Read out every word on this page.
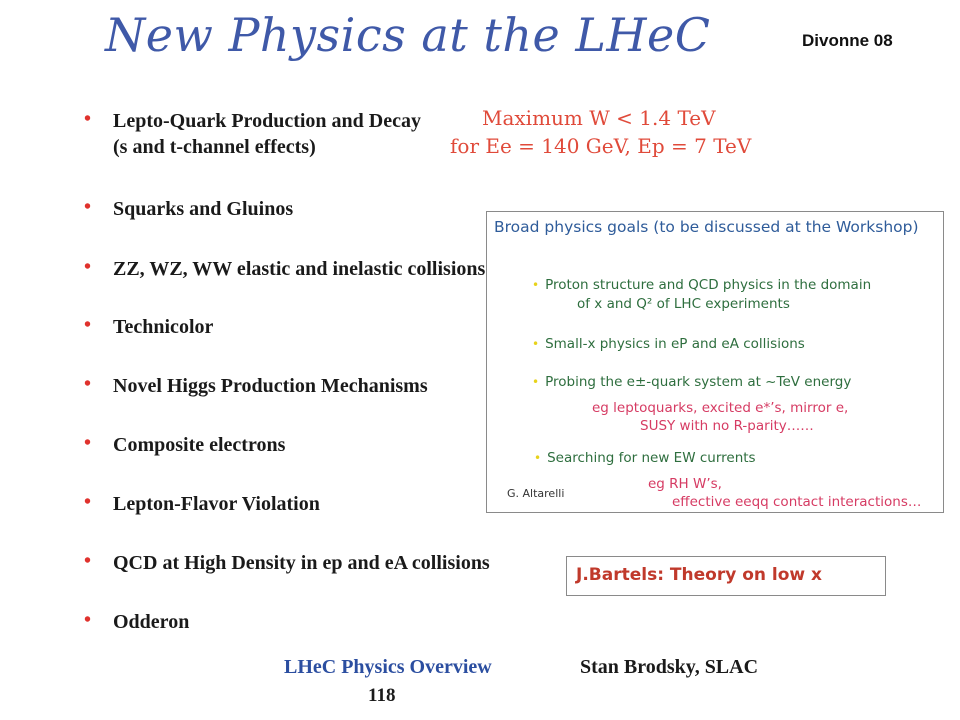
New Physics at the LHeC	Divonne 08
• Lepto-Quark Production and Decay
(s and t-channel effects)
• Squarks and Gluinos
• ZZ, WZ, WW elastic and inelastic collisions
• Technicolor
• Novel Higgs Production Mechanisms
• Composite electrons
• Lepton-Flavor Violation
• QCD at High Density in ep and eA collisions
• Odderon
Maximum W < 1.4 TeV
for Ee = 140 GeV, Ep = 7 TeV
Broad physics goals (to be discussed at the Workshop)
• Proton structure and QCD physics in the domain
of x and Q² of LHC experiments
• Small-x physics in eP and eA collisions
• Probing the e±-quark system at ~TeV energy
eg leptoquarks, excited e*’s, mirror e,
SUSY with no R-parity……
• Searching for new EW currents
eg RH W’s,
effective eeqq contact interactions…
G. Altarelli
J.Bartels: Theory on low x
LHeC Physics Overview	Stan Brodsky, SLAC
118
